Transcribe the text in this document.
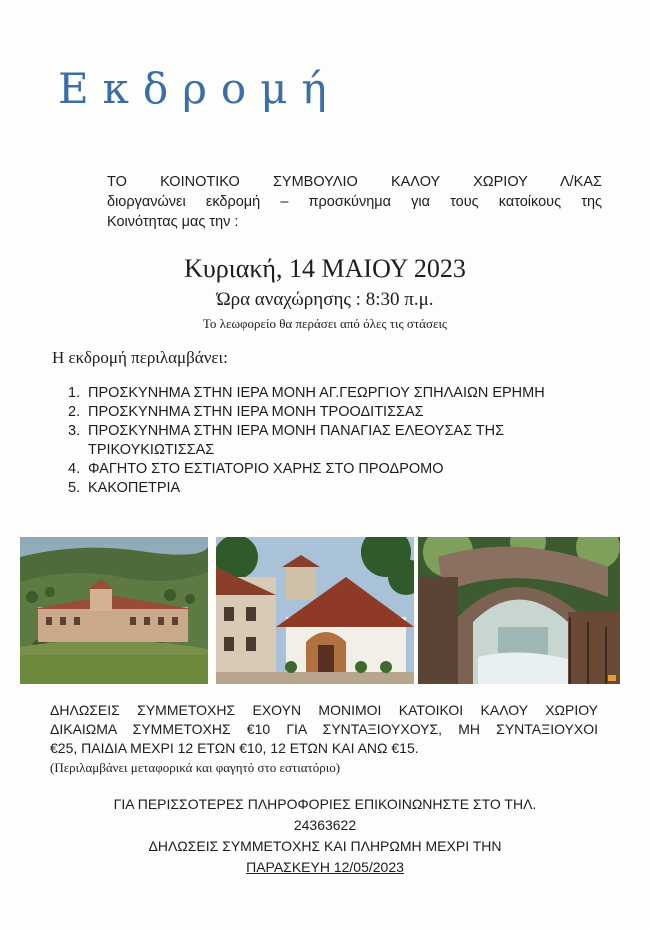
Εκδρομή
ΤΟ ΚΟΙΝΟΤΙΚΟ ΣΥΜΒΟΥΛΙΟ ΚΑΛΟΥ ΧΩΡΙΟΥ Λ/ΚΑΣ
διοργανώνει εκδρομή – προσκύνημα για τους κατοίκους της
Κοινότητας μας την :
Κυριακή, 14 ΜΑΙΟΥ 2023
Ώρα αναχώρησης : 8:30 π.μ.
Το λεωφορείο θα περάσει από όλες τις στάσεις
Η εκδρομή περιλαμβάνει:
1. ΠΡΟΣΚΥΝΗΜΑ ΣΤΗΝ ΙΕΡΑ ΜΟΝΗ ΑΓ.ΓΕΩΡΓΙΟΥ ΣΠΗΛΑΙΩΝ ΕΡΗΜΗ
2. ΠΡΟΣΚΥΝΗΜΑ ΣΤΗΝ ΙΕΡΑ ΜΟΝΗ ΤΡΟΟΔΙΤΙΣΣΑΣ
3. ΠΡΟΣΚΥΝΗΜΑ ΣΤΗΝ ΙΕΡΑ ΜΟΝΗ ΠΑΝΑΓΙΑΣ ΕΛΕΟΥΣΑΣ ΤΗΣ ΤΡΙΚΟΥΚΙΩΤΙΣΣΑΣ
4. ΦΑΓΗΤΟ ΣΤΟ ΕΣΤΙΑΤΟΡΙΟ ΧΑΡΗΣ ΣΤΟ ΠΡΟΔΡΟΜΟ
5. ΚΑΚΟΠΕΤΡΙΑ
ΔΗΛΩΣΕΙΣ ΣΥΜΜΕΤΟΧΗΣ ΕΧΟΥΝ ΜΟΝΙΜΟΙ ΚΑΤΟΙΚΟΙ ΚΑΛΟΥ ΧΩΡΙΟΥ
ΔΙΚΑΙΩΜΑ ΣΥΜΜΕΤΟΧΗΣ €10 ΓΙΑ ΣΥΝΤΑΞΙΟΥΧΟΥΣ, ΜΗ ΣΥΝΤΑΞΙΟΥΧΟΙ
€25, ΠΑΙΔΙΑ ΜΕΧΡΙ 12 ΕΤΩΝ €10, 12 ΕΤΩΝ ΚΑΙ ΑΝΩ €15.
(Περιλαμβάνει μεταφορικά και φαγητό στο εστιατόριο)
ΓΙΑ ΠΕΡΙΣΣΟΤΕΡΕΣ ΠΛΗΡΟΦΟΡΙΕΣ ΕΠΙΚΟΙΝΩΝΗΣΤΕ ΣΤΟ ΤΗΛ.
24363622
ΔΗΛΩΣΕΙΣ ΣΥΜΜΕΤΟΧΗΣ ΚΑΙ ΠΛΗΡΩΜΗ ΜΕΧΡΙ ΤΗΝ
ΠΑΡΑΣΚΕΥΗ 12/05/2023
